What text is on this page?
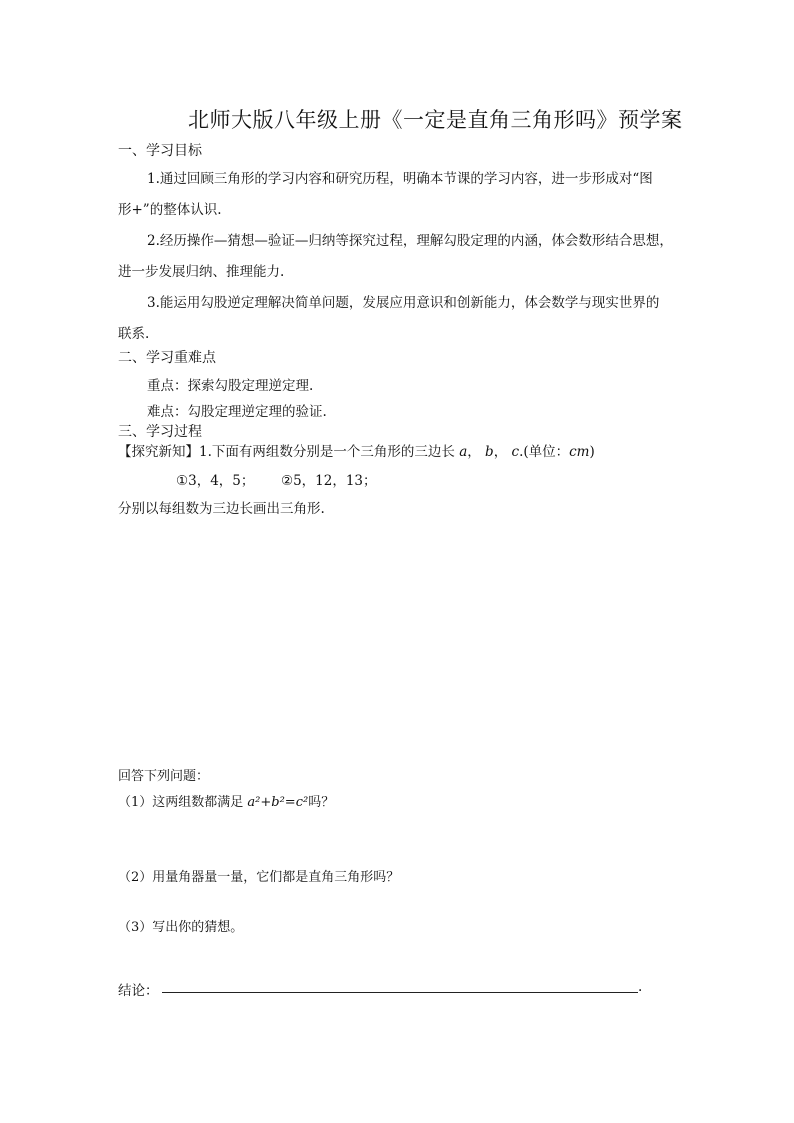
北师大版八年级上册《一定是直角三角形吗》预学案
一、学习目标
1.通过回顾三角形的学习内容和研究历程，明确本节课的学习内容，进一步形成对“图
形+”的整体认识.
2.经历操作—猜想—验证—归纳等探究过程，理解勾股定理的内涵，体会数形结合思想，
进一步发展归纳、推理能力.
3.能运用勾股逆定理解决简单问题，发展应用意识和创新能力，体会数学与现实世界的
联系.
二、学习重难点
重点：探索勾股定理逆定理.
难点：勾股定理逆定理的验证.
三、学习过程
【探究新知】1.下面有两组数分别是一个三角形的三边长 a， b， c.(单位：cm)
①3，4，5； ②5，12，13；
分别以每组数为三边长画出三角形.
回答下列问题：
（1）这两组数都满足 a²+b²=c²吗？
（2）用量角器量一量，它们都是直角三角形吗？
（3）写出你的猜想。
结论：	.
